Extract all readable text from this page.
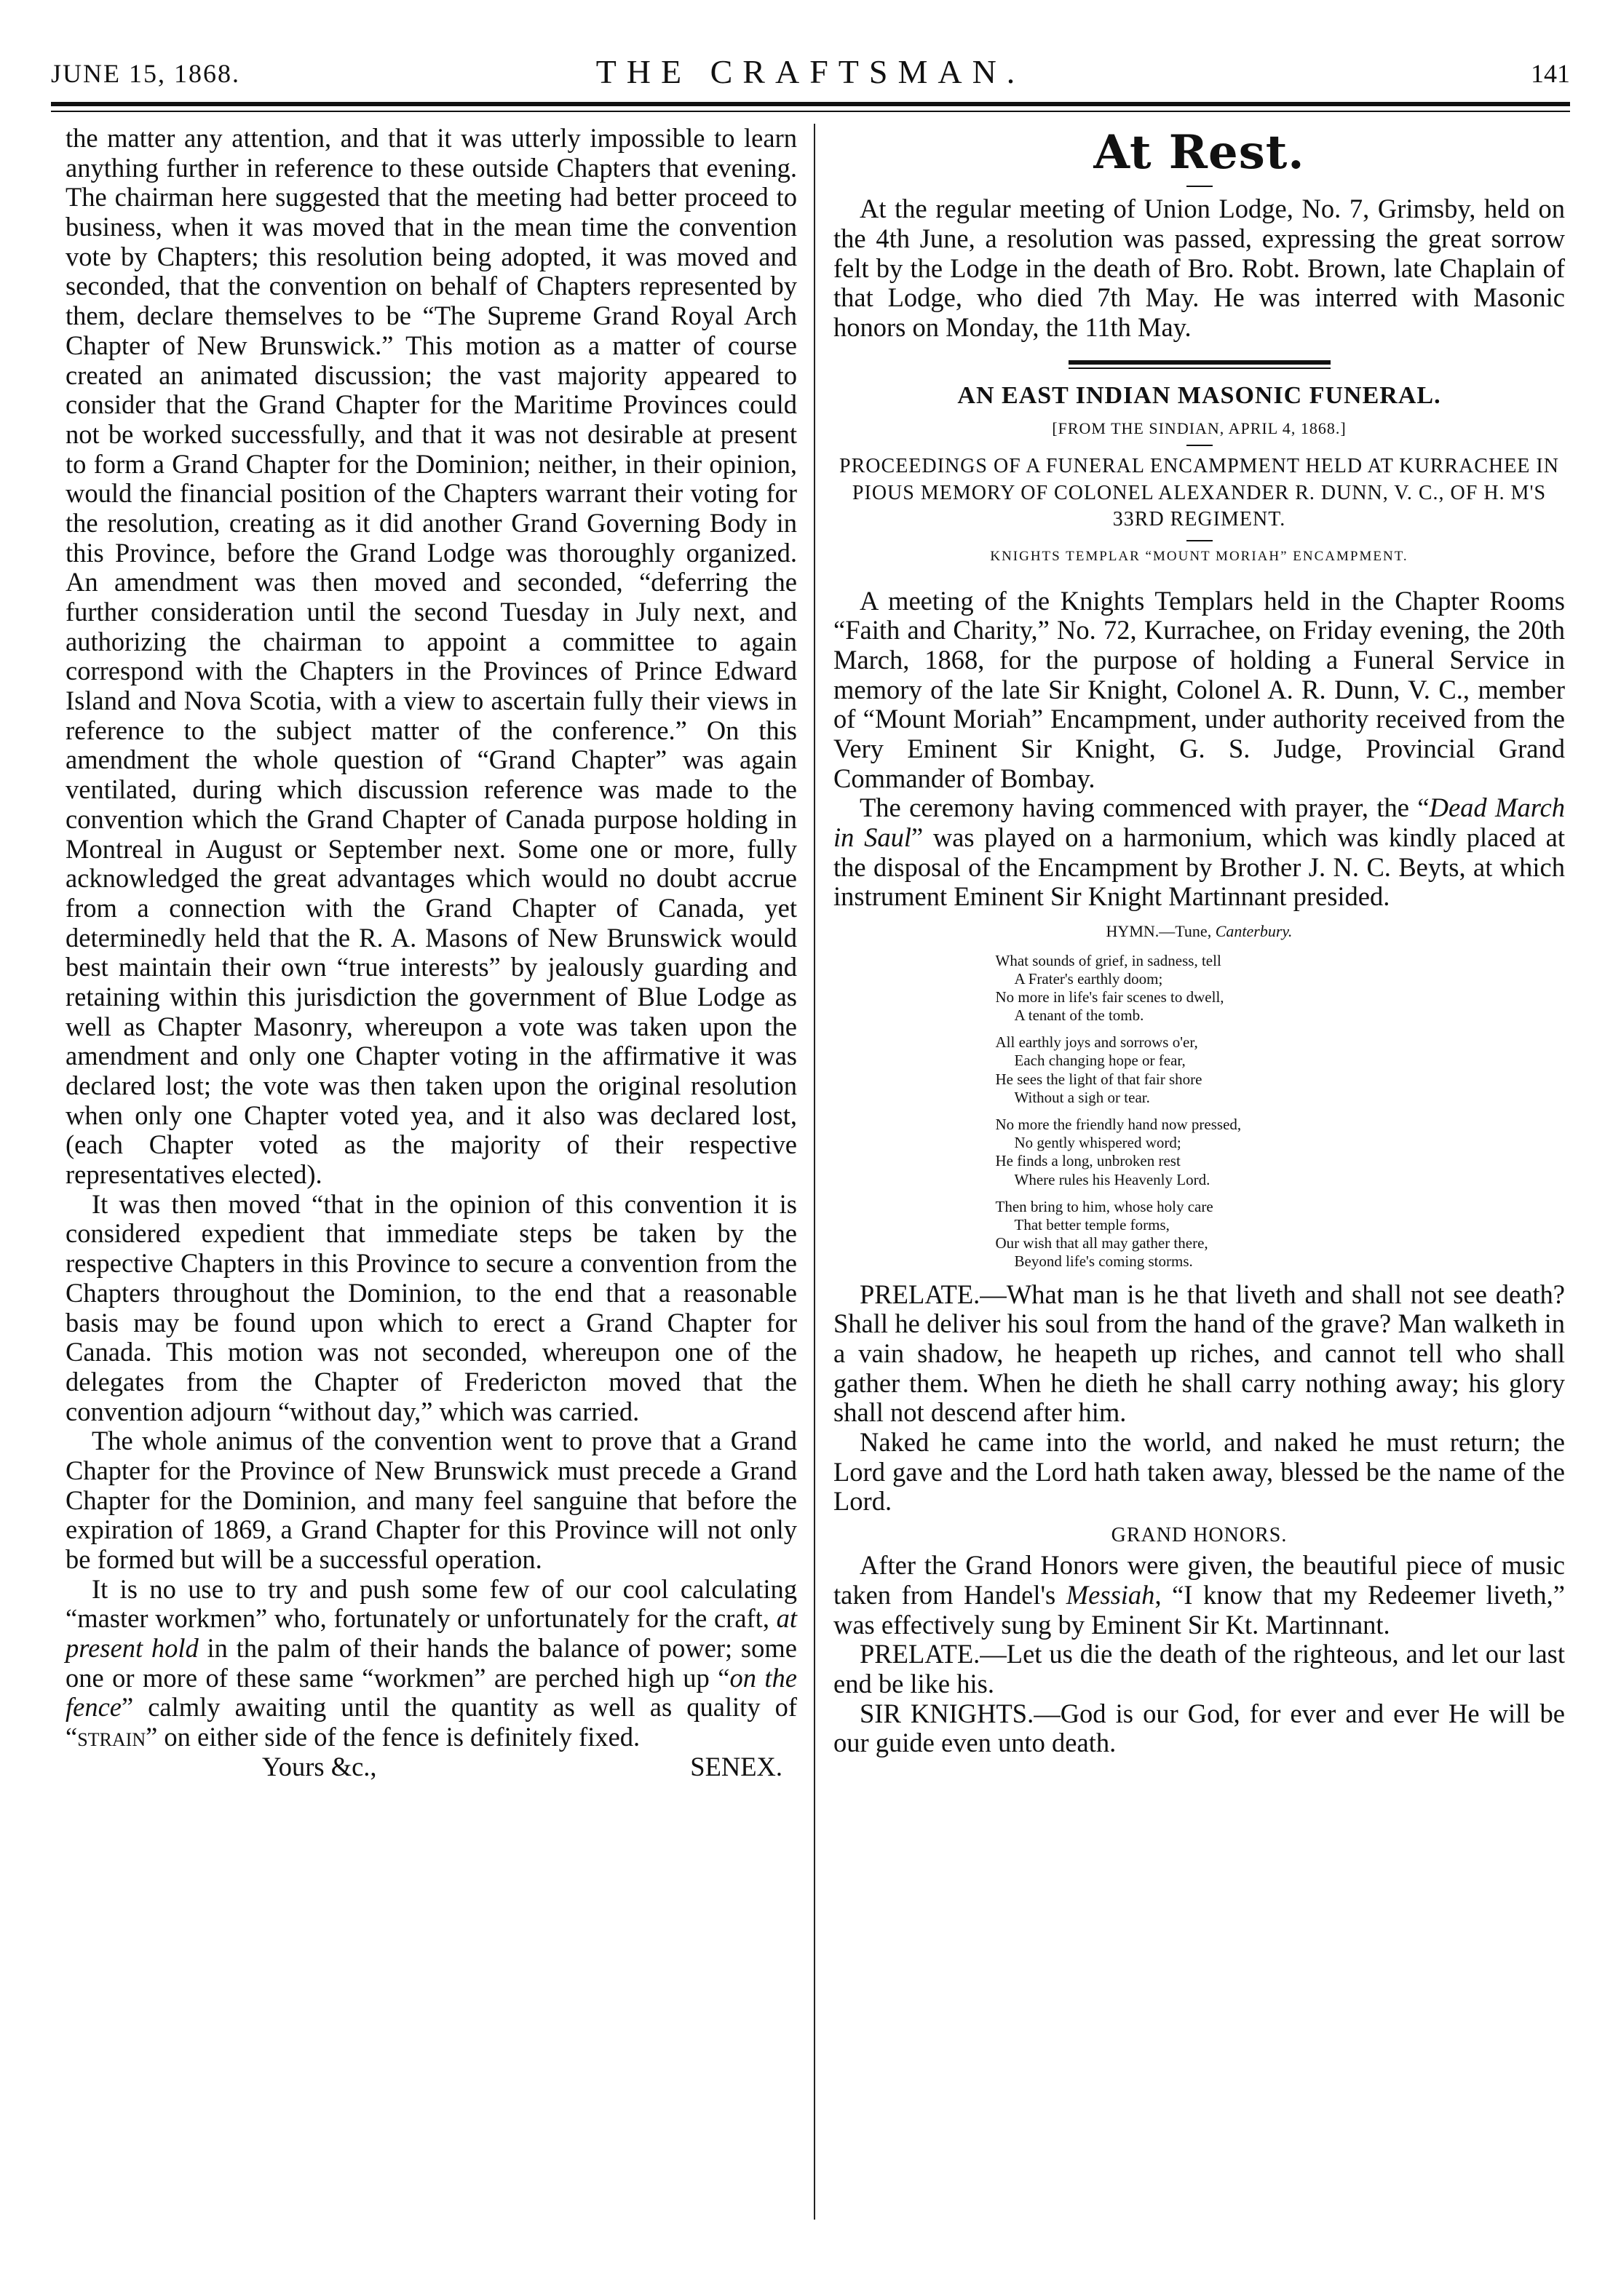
JUNE 15, 1868.	THE CRAFTSMAN.	141

the matter any attention, and that it was utterly impossible to learn anything further in reference to these outside Chapters that evening. The chairman here suggested that the meeting had better proceed to business, when it was moved that in the mean time the convention vote by Chapters; this resolution being adopted, it was moved and seconded, that the convention on behalf of Chapters represented by them, declare themselves to be “The Supreme Grand Royal Arch Chapter of New Brunswick.” This motion as a matter of course created an animated discussion; the vast majority appeared to consider that the Grand Chapter for the Maritime Provinces could not be worked successfully, and that it was not desirable at present to form a Grand Chapter for the Dominion; neither, in their opinion, would the financial position of the Chapters warrant their voting for the resolution, creating as it did another Grand Governing Body in this Province, before the Grand Lodge was thoroughly organized. An amendment was then moved and seconded, “deferring the further consideration until the second Tuesday in July next, and authorizing the chairman to appoint a committee to again correspond with the Chapters in the Provinces of Prince Edward Island and Nova Scotia, with a view to ascertain fully their views in reference to the subject matter of the conference.” On this amendment the whole question of “Grand Chapter” was again ventilated, during which discussion reference was made to the convention which the Grand Chapter of Canada purpose holding in Montreal in August or September next. Some one or more, fully acknowledged the great advantages which would no doubt accrue from a connection with the Grand Chapter of Canada, yet determinedly held that the R. A. Masons of New Brunswick would best maintain their own “true interests” by jealously guarding and retaining within this jurisdiction the government of Blue Lodge as well as Chapter Masonry, whereupon a vote was taken upon the amendment and only one Chapter voting in the affirmative it was declared lost; the vote was then taken upon the original resolution when only one Chapter voted yea, and it also was declared lost, (each Chapter voted as the majority of their respective representatives elected).

It was then moved “that in the opinion of this convention it is considered expedient that immediate steps be taken by the respective Chapters in this Province to secure a convention from the Chapters throughout the Dominion, to the end that a reasonable basis may be found upon which to erect a Grand Chapter for Canada. This motion was not seconded, whereupon one of the delegates from the Chapter of Fredericton moved that the convention adjourn “without day,” which was carried.

The whole animus of the convention went to prove that a Grand Chapter for the Province of New Brunswick must precede a Grand Chapter for the Dominion, and many feel sanguine that before the expiration of 1869, a Grand Chapter for this Province will not only be formed but will be a successful operation.

It is no use to try and push some few of our cool calculating “master workmen” who, fortunately or unfortunately for the craft, at present hold in the palm of their hands the balance of power; some one or more of these same “workmen” are perched high up “on the fence” calmly awaiting until the quantity as well as quality of “strain” on either side of the fence is definitely fixed.

Yours &c.,	SENEX.
At Rest.

At the regular meeting of Union Lodge, No. 7, Grimsby, held on the 4th June, a resolution was passed, expressing the great sorrow felt by the Lodge in the death of Bro. Robt. Brown, late Chaplain of that Lodge, who died 7th May. He was interred with Masonic honors on Monday, the 11th May.

AN EAST INDIAN MASONIC FUNERAL.
[FROM THE SINDIAN, APRIL 4, 1868.]
PROCEEDINGS OF A FUNERAL ENCAMPMENT HELD AT KURRACHEE IN PIOUS MEMORY OF COLONEL ALEXANDER R. DUNN, V. C., OF H. M'S 33RD REGIMENT.
KNIGHTS TEMPLAR “MOUNT MORIAH” ENCAMPMENT.

A meeting of the Knights Templars held in the Chapter Rooms “Faith and Charity,” No. 72, Kurrachee, on Friday evening, the 20th March, 1868, for the purpose of holding a Funeral Service in memory of the late Sir Knight, Colonel A. R. Dunn, V. C., member of “Mount Moriah” Encampment, under authority received from the Very Eminent Sir Knight, G. S. Judge, Provincial Grand Commander of Bombay.

The ceremony having commenced with prayer, the “Dead March in Saul” was played on a harmonium, which was kindly placed at the disposal of the Encampment by Brother J. N. C. Beyts, at which instrument Eminent Sir Knight Martinnant presided.

HYMN.—Tune, Canterbury.
What sounds of grief, in sadness, tell
A Frater's earthly doom;
No more in life's fair scenes to dwell,
A tenant of the tomb.
All earthly joys and sorrows o'er,
Each changing hope or fear,
He sees the light of that fair shore
Without a sigh or tear.
No more the friendly hand now pressed,
No gently whispered word;
He finds a long, unbroken rest
Where rules his Heavenly Lord.
Then bring to him, whose holy care
That better temple forms,
Our wish that all may gather there,
Beyond life's coming storms.

PRELATE.—What man is he that liveth and shall not see death? Shall he deliver his soul from the hand of the grave? Man walketh in a vain shadow, he heapeth up riches, and cannot tell who shall gather them. When he dieth he shall carry nothing away; his glory shall not descend after him.

Naked he came into the world, and naked he must return; the Lord gave and the Lord hath taken away, blessed be the name of the Lord.

GRAND HONORS.

After the Grand Honors were given, the beautiful piece of music taken from Handel's Messiah, “I know that my Redeemer liveth,” was effectively sung by Eminent Sir Kt. Martinnant.

PRELATE.—Let us die the death of the righteous, and let our last end be like his.

SIR KNIGHTS.—God is our God, for ever and ever He will be our guide even unto death.
